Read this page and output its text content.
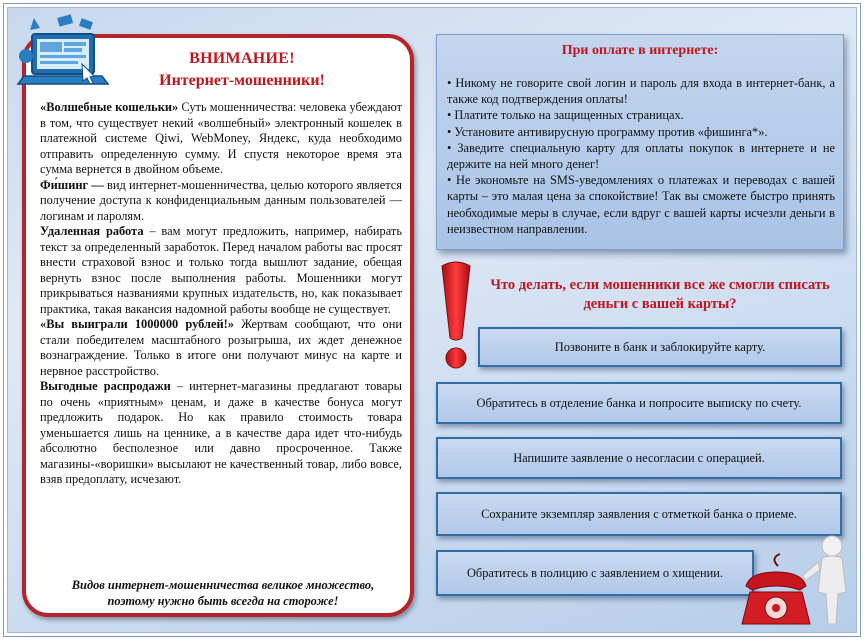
ВНИМАНИЕ!
Интернет-мошенники!

«Волшебные кошельки» Суть мошенничества: человека убеждают в том, что существует некий «волшебный» электронный кошелек в платежной системе Qiwi, WebMoney, Яндекс, куда необходимо отправить определенную сумму. И спустя некоторое время эта сумма вернется в двойном объеме.

Фи́шинг — вид интернет-мошенничества, целью которого является получение доступа к конфиденциальным данным пользователей — логинам и паролям.

Удаленная работа – вам могут предложить, например, набирать текст за определенный заработок. Перед началом работы вас просят внести страховой взнос и только тогда вышлют задание, обещая вернуть взнос после выполнения работы. Мошенники могут прикрываться названиями крупных издательств, но, как показывает практика, такая вакансия надомной работы вообще не существует.

«Вы выиграли 1000000 рублей!» Жертвам сообщают, что они стали победителем масштабного розыгрыша, их ждет денежное вознаграждение. Только в итоге они получают минус на карте и нервное расстройство.

Выгодные распродажи – интернет-магазины предлагают товары по очень «приятным» ценам, и даже в качестве бонуса могут предложить подарок. Но как правило стоимость товара уменьшается лишь на ценнике, а в качестве дара идет что-нибудь абсолютно бесполезное или давно просроченное. Также магазины-«воришки» высылают не качественный товар, либо вовсе, взяв предоплату, исчезают.

Видов интернет-мошенничества великое множество,
поэтому нужно быть всегда на стороже!
При оплате в интернете:
• Никому не говорите свой логин и пароль для входа в интернет-банк, а также код подтверждения оплаты!
• Платите только на защищенных страницах.
• Установите антивирусную программу против «фишинга*».
• Заведите специальную карту для оплаты покупок в интернете и не держите на ней много денег!
• Не экономьте на SMS-уведомлениях о платежах и переводах с вашей карты – это малая цена за спокойствие! Так вы сможете быстро принять необходимые меры в случае, если вдруг с вашей карты исчезли деньги в неизвестном направлении.
Что делать, если мошенники все же смогли списать деньги с вашей карты?
Позвоните в банк и заблокируйте карту.
Обратитесь в отделение банка и попросите выписку по счету.
Напишите заявление о несогласии с операцией.
Сохраните экземпляр заявления с отметкой банка о приеме.
Обратитесь в полицию с заявлением о хищении.
